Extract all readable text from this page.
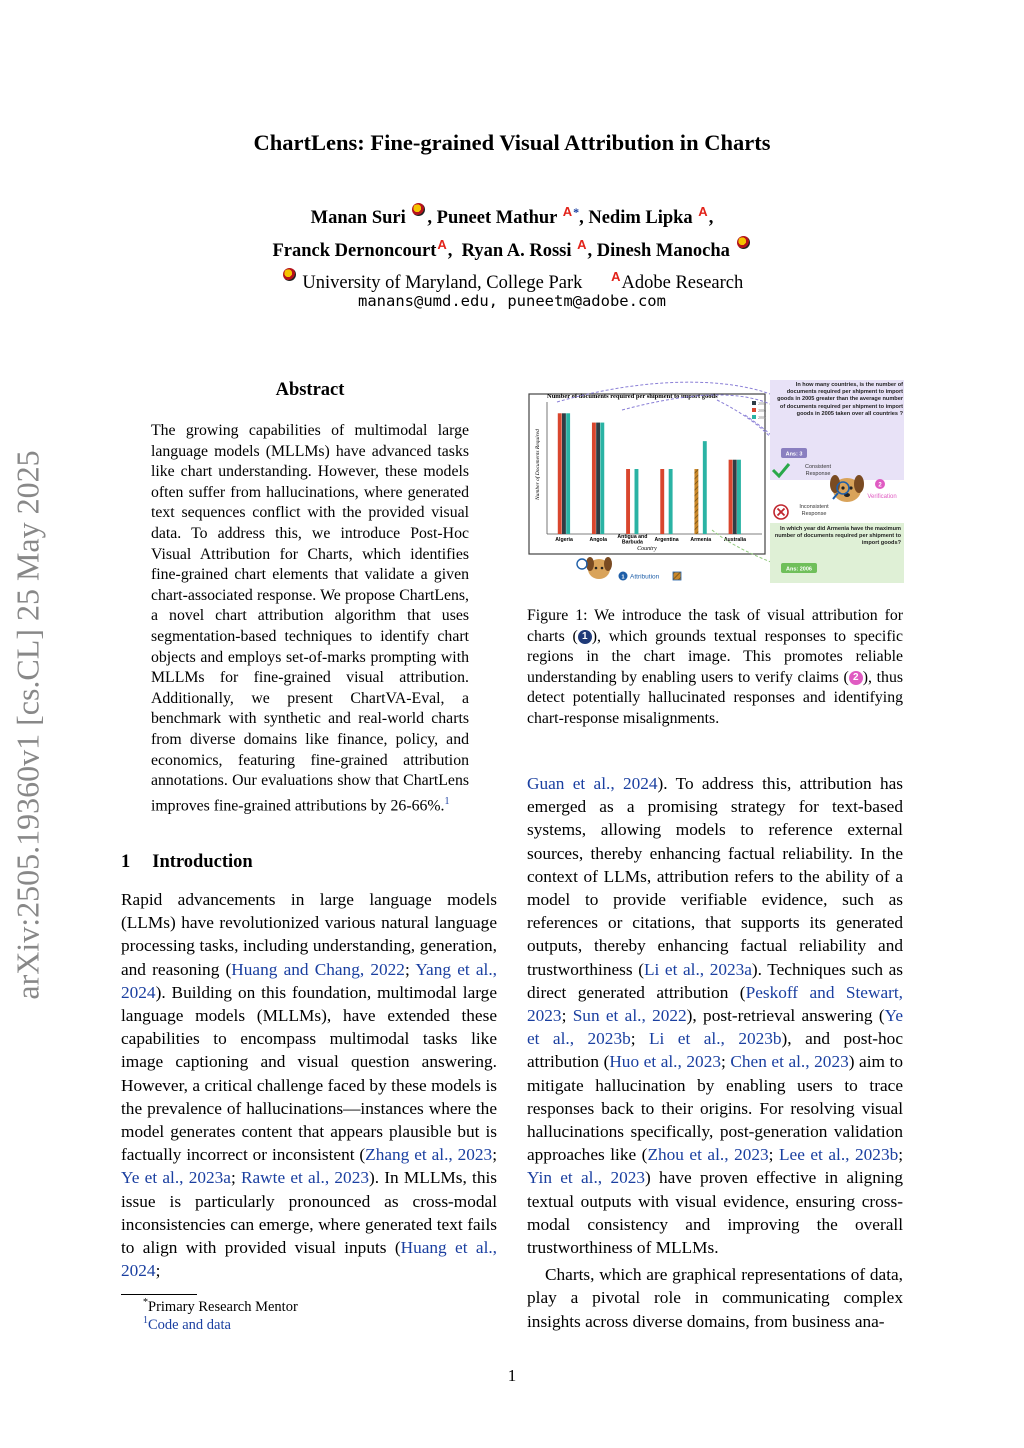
arXiv:2505.19360v1 [cs.CL] 25 May 2025
ChartLens: Fine-grained Visual Attribution in Charts
Manan Suri , Puneet Mathur A*, Nedim Lipka A,
Franck DernoncourtA, Ryan A. Rossi A, Dinesh Manocha
University of Maryland, College Park AAdobe Research
manans@umd.edu, puneetm@adobe.com
Abstract
The growing capabilities of multimodal large language models (MLLMs) have advanced tasks like chart understanding. However, these models often suffer from hallucinations, where generated text sequences conflict with the provided visual data. To address this, we introduce Post-Hoc Visual Attribution for Charts, which identifies fine-grained chart elements that validate a given chart-associated response. We propose ChartLens, a novel chart attribution algorithm that uses segmentation-based techniques to identify chart objects and employs set-of-marks prompting with MLLMs for fine-grained visual attribution. Additionally, we present ChartVA-Eval, a benchmark with synthetic and real-world charts from diverse domains like finance, policy, and economics, featuring fine-grained attribution annotations. Our evaluations show that ChartLens improves fine-grained attributions by 26-66%.$^1$
1 Introduction

Rapid advancements in large language models (LLMs) have revolutionized various natural language processing tasks, including understanding, generation, and reasoning (Huang and Chang, 2022; Yang et al., 2024). Building on this foundation, multimodal large language models (MLLMs), have extended these capabilities to encompass multimodal tasks like image captioning and visual question answering. However, a critical challenge faced by these models is the prevalence of hallucinations—instances where the model generates content that appears plausible but is factually incorrect or inconsistent (Zhang et al., 2023; Ye et al., 2023a; Rawte et al., 2023). In MLLMs, this issue is particularly pronounced as cross-modal inconsistencies can emerge, where generated text fails to align with provided visual inputs (Huang et al., 2024;

Number of documents required per shipment to import goods
Number of Documents Required
Country
Algeria	Angola Antigua and
Barbuda Argentina Armenia Australia
2005
2006
2007
In how many countries, is the number of documents required per shipment to import goods in 2005 greater than the average number of documents required per shipment to import goods in 2005 taken over all countries ?
Ans: 3
Consistent Response
Inconsistent Response
2
Verification
In which year did Armenia have the maximum number of documents required per shipment to import goods?
Ans: 2006
1 Attribution
Figure 1: We introduce the task of visual attribution for charts ( 1 ), which grounds textual responses to specific regions in the chart image. This promotes reliable understanding by enabling users to verify claims ( 2 ), thus detect potentially hallucinated responses and identifying chart-response misalignments.

Guan et al., 2024). To address this, attribution has emerged as a promising strategy for text-based systems, allowing models to reference external sources, thereby enhancing factual reliability. In the context of LLMs, attribution refers to the ability of a model to provide verifiable evidence, such as references or citations, that supports its generated outputs, thereby enhancing factual reliability and trustworthiness (Li et al., 2023a). Techniques such as direct generated attribution (Peskoff and Stewart, 2023; Sun et al., 2022), post-retrieval answering (Ye et al., 2023b; Li et al., 2023b), and post-hoc attribution (Huo et al., 2023; Chen et al., 2023) aim to mitigate hallucination by enabling users to trace responses back to their origins. For resolving visual hallucinations specifically, post-generation validation approaches like (Zhou et al., 2023; Lee et al., 2023b; Yin et al., 2023) have proven effective in aligning textual outputs with visual evidence, ensuring cross-modal consistency and improving the overall trustworthiness of MLLMs.

Charts, which are graphical representations of data, play a pivotal role in communicating complex insights across diverse domains, from business ana-

*Primary Research Mentor
$^1$Code and data
1
